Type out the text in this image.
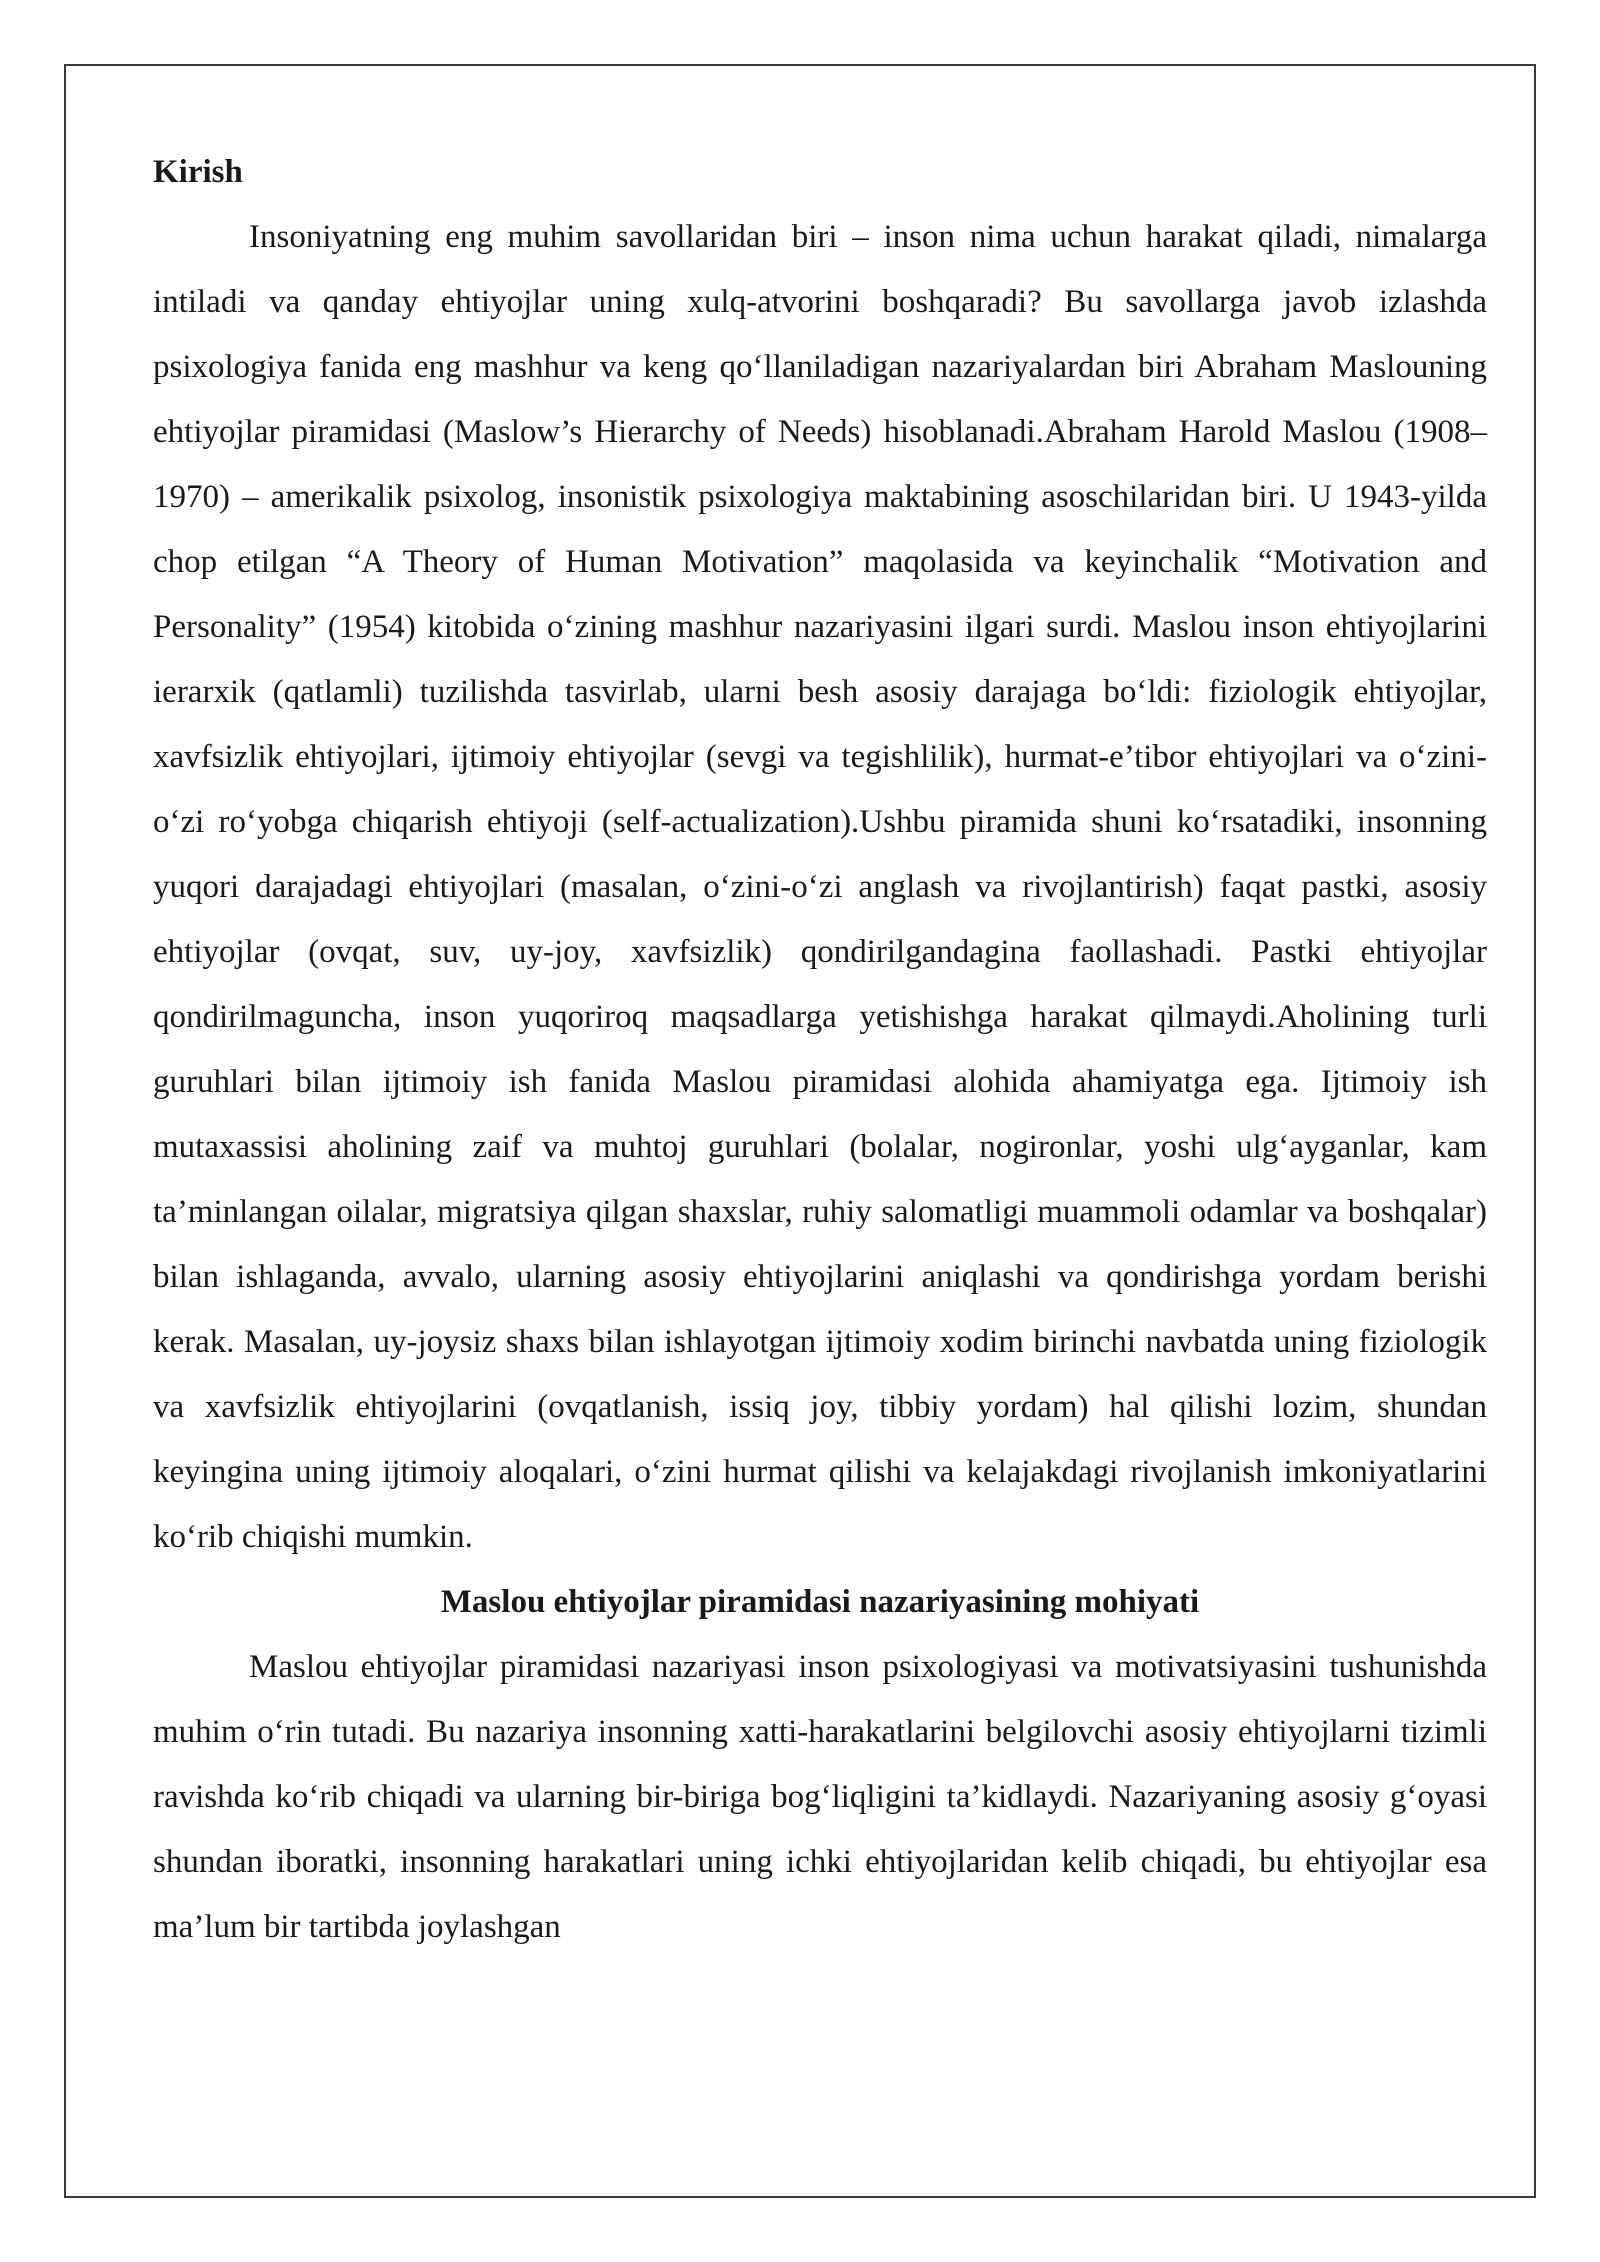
Kirish

Insoniyatning eng muhim savollaridan biri – inson nima uchun harakat qiladi, nimalarga intiladi va qanday ehtiyojlar uning xulq-atvorini boshqaradi? Bu savollarga javob izlashda psixologiya fanida eng mashhur va keng qo‘llaniladigan nazariyalardan biri Abraham Maslouning ehtiyojlar piramidasi (Maslow’s Hierarchy of Needs) hisoblanadi.Abraham Harold Maslou (1908–1970) – amerikalik psixolog, insonistik psixologiya maktabining asoschilaridan biri. U 1943-yilda chop etilgan “A Theory of Human Motivation” maqolasida va keyinchalik “Motivation and Personality” (1954) kitobida o‘zining mashhur nazariyasini ilgari surdi. Maslou inson ehtiyojlarini ierarxik (qatlamli) tuzilishda tasvirlab, ularni besh asosiy darajaga bo‘ldi: fiziologik ehtiyojlar, xavfsizlik ehtiyojlari, ijtimoiy ehtiyojlar (sevgi va tegishlilik), hurmat-e’tibor ehtiyojlari va o‘zini-o‘zi ro‘yobga chiqarish ehtiyoji (self-actualization).Ushbu piramida shuni ko‘rsatadiki, insonning yuqori darajadagi ehtiyojlari (masalan, o‘zini-o‘zi anglash va rivojlantirish) faqat pastki, asosiy ehtiyojlar (ovqat, suv, uy-joy, xavfsizlik) qondirilgandagina faollashadi. Pastki ehtiyojlar qondirilmaguncha, inson yuqoriroq maqsadlarga yetishishga harakat qilmaydi.Aholining turli guruhlari bilan ijtimoiy ish fanida Maslou piramidasi alohida ahamiyatga ega. Ijtimoiy ish mutaxassisi aholining zaif va muhtoj guruhlari (bolalar, nogironlar, yoshi ulg‘ayganlar, kam ta’minlangan oilalar, migratsiya qilgan shaxslar, ruhiy salomatligi muammoli odamlar va boshqalar) bilan ishlaganda, avvalo, ularning asosiy ehtiyojlarini aniqlashi va qondirishga yordam berishi kerak. Masalan, uy-joysiz shaxs bilan ishlayotgan ijtimoiy xodim birinchi navbatda uning fiziologik va xavfsizlik ehtiyojlarini (ovqatlanish, issiq joy, tibbiy yordam) hal qilishi lozim, shundan keyingina uning ijtimoiy aloqalari, o‘zini hurmat qilishi va kelajakdagi rivojlanish imkoniyatlarini ko‘rib chiqishi mumkin.

Maslou ehtiyojlar piramidasi nazariyasining mohiyati

Maslou ehtiyojlar piramidasi nazariyasi inson psixologiyasi va motivatsiyasini tushunishda muhim o‘rin tutadi. Bu nazariya insonning xatti-harakatlarini belgilovchi asosiy ehtiyojlarni tizimli ravishda ko‘rib chiqadi va ularning bir-biriga bog‘liqligini ta’kidlaydi. Nazariyaning asosiy g‘oyasi shundan iboratki, insonning harakatlari uning ichki ehtiyojlaridan kelib chiqadi, bu ehtiyojlar esa ma’lum bir tartibda joylashgan
